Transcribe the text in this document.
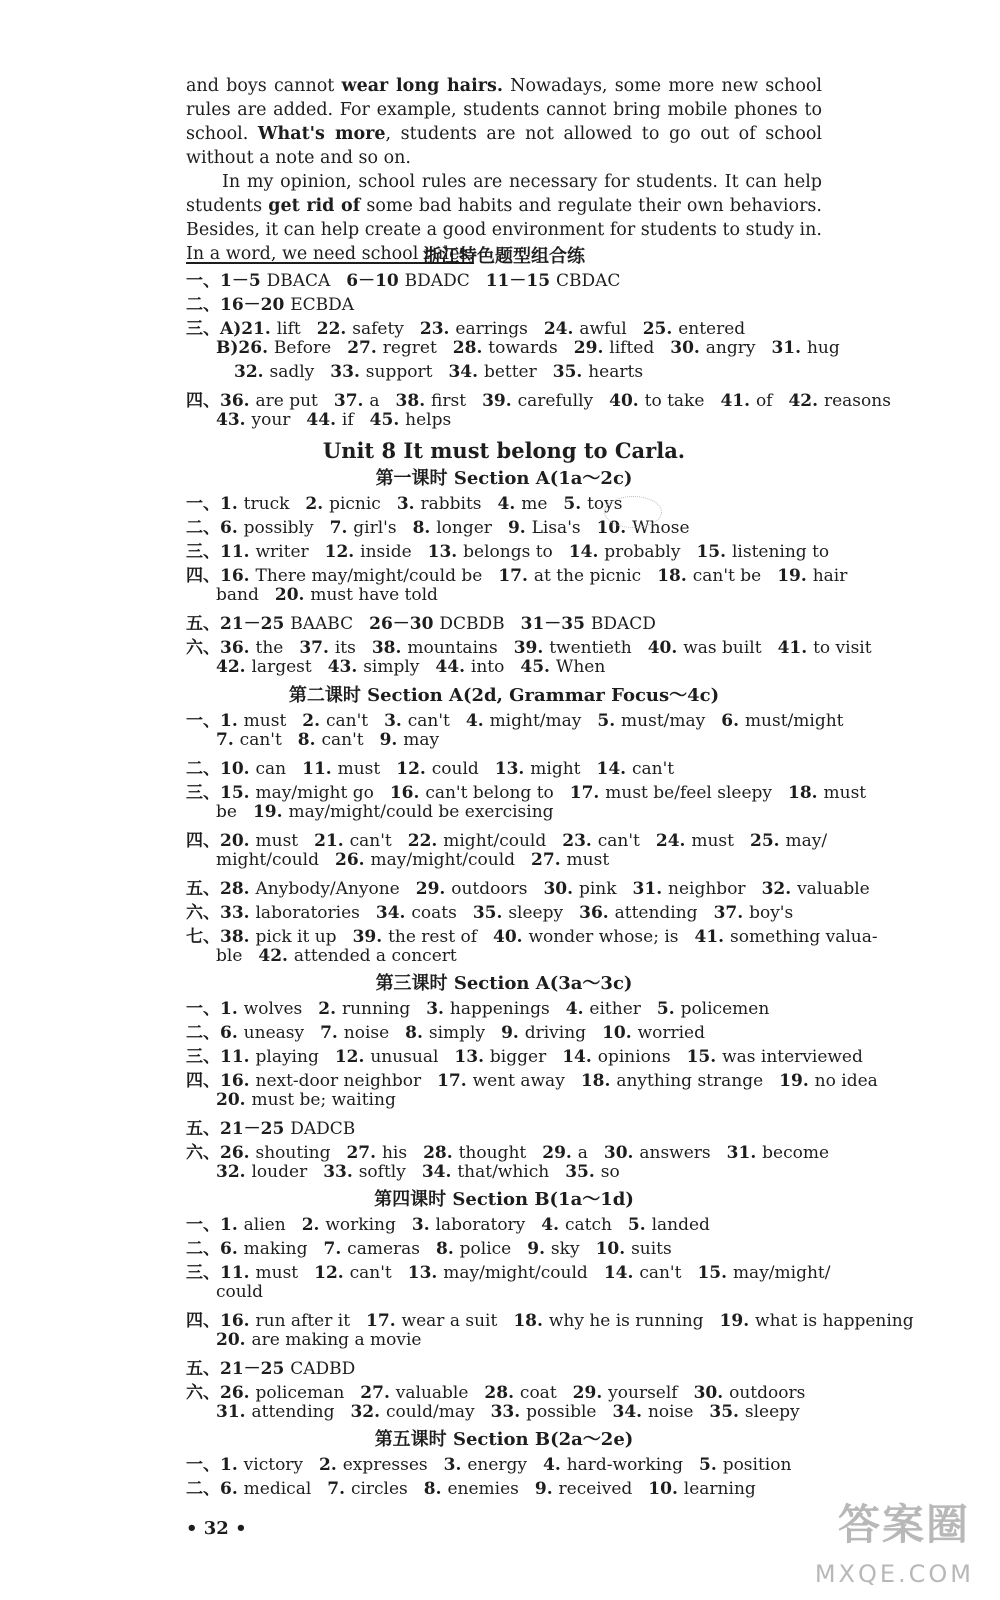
and boys cannot wear long hairs. Nowadays, some more new school rules are added. For example, students cannot bring mobile phones to school. What's more, students are not allowed to go out of school without a note and so on.

In my opinion, school rules are necessary for students. It can help students get rid of some bad habits and regulate their own behaviors. Besides, it can help create a good environment for students to study in. In a word, we need school rules.

浙江特色题型组合练
Unit 8 It must belong to Carla.
第一课时 Section A(1a～2c)
第二课时 Section A(2d, Grammar Focus～4c)
第三课时 Section A(3a～3c)
第四课时 Section B(1a～1d)
第五课时 Section B(2a～2e)
一、1－5 DBACA 6－10 BDADC 11－15 CBDAC
二、16－20 ECBDA
三、A)21. lift 22. safety 23. earrings 24. awful 25. entered
B)26. Before 27. regret 28. towards 29. lifted 30. angry 31. hug
32. sadly 33. support 34. better 35. hearts
四、36. are put 37. a 38. first 39. carefully 40. to take 41. of 42. reasons
43. your 44. if 45. helps
一、1. truck 2. picnic 3. rabbits 4. me 5. toys
二、6. possibly 7. girl's 8. longer 9. Lisa's 10. Whose
三、11. writer 12. inside 13. belongs to 14. probably 15. listening to
四、16. There may/might/could be 17. at the picnic 18. can't be 19. hair
band 20. must have told
五、21－25 BAABC 26－30 DCBDB 31－35 BDACD
六、36. the 37. its 38. mountains 39. twentieth 40. was built 41. to visit
42. largest 43. simply 44. into 45. When
一、1. must 2. can't 3. can't 4. might/may 5. must/may 6. must/might
7. can't 8. can't 9. may
二、10. can 11. must 12. could 13. might 14. can't
三、15. may/might go 16. can't belong to 17. must be/feel sleepy 18. must
be 19. may/might/could be exercising
四、20. must 21. can't 22. might/could 23. can't 24. must 25. may/
might/could 26. may/might/could 27. must
五、28. Anybody/Anyone 29. outdoors 30. pink 31. neighbor 32. valuable
六、33. laboratories 34. coats 35. sleepy 36. attending 37. boy's
七、38. pick it up 39. the rest of 40. wonder whose; is 41. something valua-
ble 42. attended a concert
一、1. wolves 2. running 3. happenings 4. either 5. policemen
二、6. uneasy 7. noise 8. simply 9. driving 10. worried
三、11. playing 12. unusual 13. bigger 14. opinions 15. was interviewed
四、16. next-door neighbor 17. went away 18. anything strange 19. no idea
20. must be; waiting
五、21－25 DADCB
六、26. shouting 27. his 28. thought 29. a 30. answers 31. become
32. louder 33. softly 34. that/which 35. so
一、1. alien 2. working 3. laboratory 4. catch 5. landed
二、6. making 7. cameras 8. police 9. sky 10. suits
三、11. must 12. can't 13. may/might/could 14. can't 15. may/might/
could
四、16. run after it 17. wear a suit 18. why he is running 19. what is happening
20. are making a movie
五、21－25 CADBD
六、26. policeman 27. valuable 28. coat 29. yourself 30. outdoors
31. attending 32. could/may 33. possible 34. noise 35. sleepy
一、1. victory 2. expresses 3. energy 4. hard-working 5. position
二、6. medical 7. circles 8. enemies 9. received 10. learning
• 32 •	答案圈
MXQE.COM
